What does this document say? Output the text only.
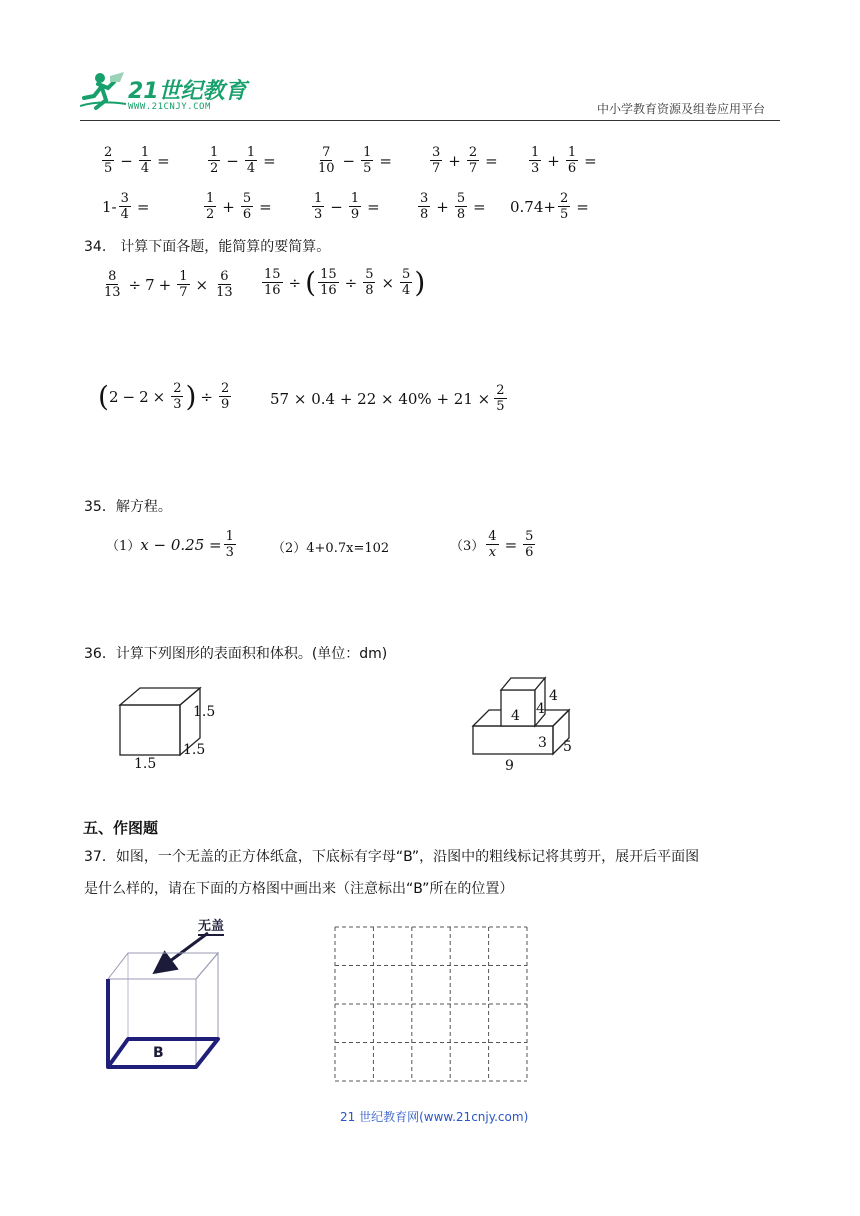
21世纪教育
WWW.21CNJY.COM	中小学教育资源及组卷应用平台
$\frac{2}{5} - \frac{1}{4}$ =	$\frac{1}{2} - \frac{1}{4}$ =	$\frac{7}{10} - \frac{1}{5}$ =	$\frac{3}{7} + \frac{2}{7} = \frac{1}{3} + \frac{1}{6}$ =
$1- \frac{3}{4}$ =	$\frac{1}{2} + \frac{5}{6}$ =	$\frac{1}{3} - \frac{1}{9}$ =	$\frac{3}{8} + \frac{5}{8} = 0.74+ \frac{2}{5}$ =
34.　计算下面各题，能简算的要简算。
$\frac{8}{13} \div 7 + \frac{1}{7} \times \frac{6}{13} \frac{15}{16}$ ÷ ( $\frac{15}{16} \div \frac{5}{8} \times \frac{5}{4}$ )
( $2 - 2 \times \frac{2}{3}$ ) ÷ $\frac{2}{9}$	$57 \times 0.4 + 22 \times 40\% + 21 \times \frac{2}{5}$
35．解方程。
（1） $x - 0.25 = \frac{1}{3}$	（2）4+0.7x=102	$(3) \frac{4}{x} = \frac{5}{6}$
36．计算下列图形的表面积和体积。(单位：dm)
1.5
1.5
1.5
4 4
4
3 5
9
五、作图题
37．如图，一个无盖的正方体纸盒，下底标有字母“B”，沿图中的粗线标记将其剪开，展开后平面图
是什么样的，请在下面的方格图中画出来（注意标出“B”所在的位置）
无盖
B
21 世纪教育网(www.21cnjy.com)
